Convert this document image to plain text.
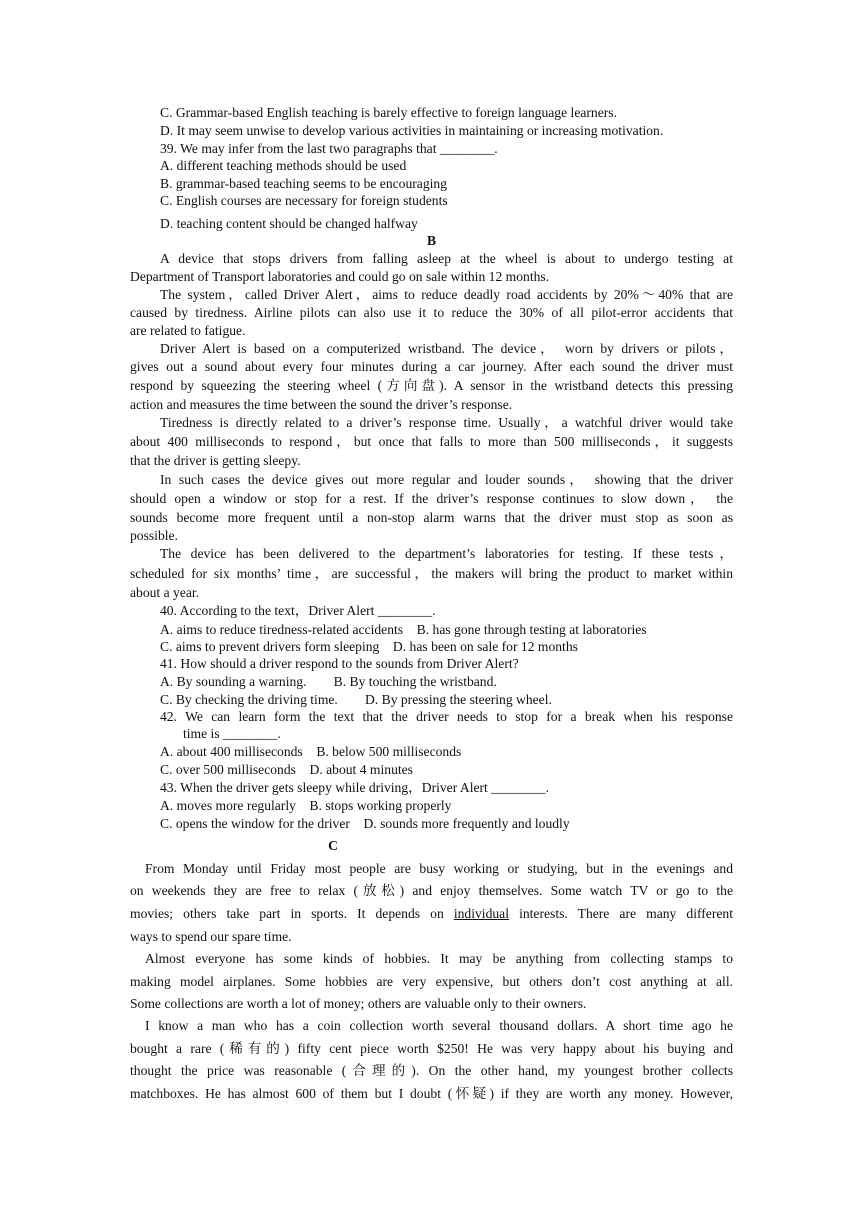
C. Grammar-based English teaching is barely effective to foreign language learners.
D. It may seem unwise to develop various activities in maintaining or increasing motivation.
39. We may infer from the last two paragraphs that ________.
A. different teaching methods should be used
B. grammar-based teaching seems to be encouraging
C. English courses are necessary for foreign students
D. teaching content should be changed halfway
B
A device that stops drivers from falling asleep at the wheel is about to undergo testing at
Department of Transport laboratories and could go on sale within 12 months.
The system，called Driver Alert，aims to reduce deadly road accidents by 20%～40% that are
caused by tiredness. Airline pilots can also use it to reduce the 30% of all pilot-error accidents that
are related to fatigue.
Driver Alert is based on a computerized wristband. The device， worn by drivers or pilots，
gives out a sound about every four minutes during a car journey. After each sound the driver must
respond by squeezing the steering wheel (方向盘). A sensor in the wristband detects this pressing
action and measures the time between the sound the driver’s response.
Tiredness is directly related to a driver’s response time. Usually，a watchful driver would take
about 400 milliseconds to respond，but once that falls to more than 500 milliseconds，it suggests
that the driver is getting sleepy.
In such cases the device gives out more regular and louder sounds， showing that the driver
should open a window or stop for a rest. If the driver’s response continues to slow down， the
sounds become more frequent until a non-stop alarm warns that the driver must stop as soon as
possible.
The device has been delivered to the department’s laboratories for testing. If these tests，
scheduled for six months’ time，are successful，the makers will bring the product to market within
about a year.
40. According to the text，Driver Alert ________.
A. aims to reduce tiredness-related accidents　B. has gone through testing at laboratories
C. aims to prevent drivers form sleeping　D. has been on sale for 12 months
41. How should a driver respond to the sounds from Driver Alert?
A. By sounding a warning.　　B. By touching the wristband.
C. By checking the driving time.　　D. By pressing the steering wheel.
42. We can learn form the text that the driver needs to stop for a break when his response
time is ________.
A. about 400 milliseconds　B. below 500 milliseconds
C. over 500 milliseconds　D. about 4 minutes
43. When the driver gets sleepy while driving，Driver Alert ________.
A. moves more regularly　B. stops working properly
C. opens the window for the driver　D. sounds more frequently and loudly
C
From Monday until Friday most people are busy working or studying, but in the evenings and
on weekends they are free to relax (放松) and enjoy themselves. Some watch TV or go to the
movies; others take part in sports. It depends on individual interests. There are many different
ways to spend our spare time.
Almost everyone has some kinds of hobbies. It may be anything from collecting stamps to
making model airplanes. Some hobbies are very expensive, but others don’t cost anything at all.
Some collections are worth a lot of money; others are valuable only to their owners.
I know a man who has a coin collection worth several thousand dollars. A short time ago he
bought a rare (稀有的) fifty cent piece worth $250! He was very happy about his buying and
thought the price was reasonable (合理的). On the other hand, my youngest brother collects
matchboxes. He has almost 600 of them but I doubt (怀疑) if they are worth any money. However,
